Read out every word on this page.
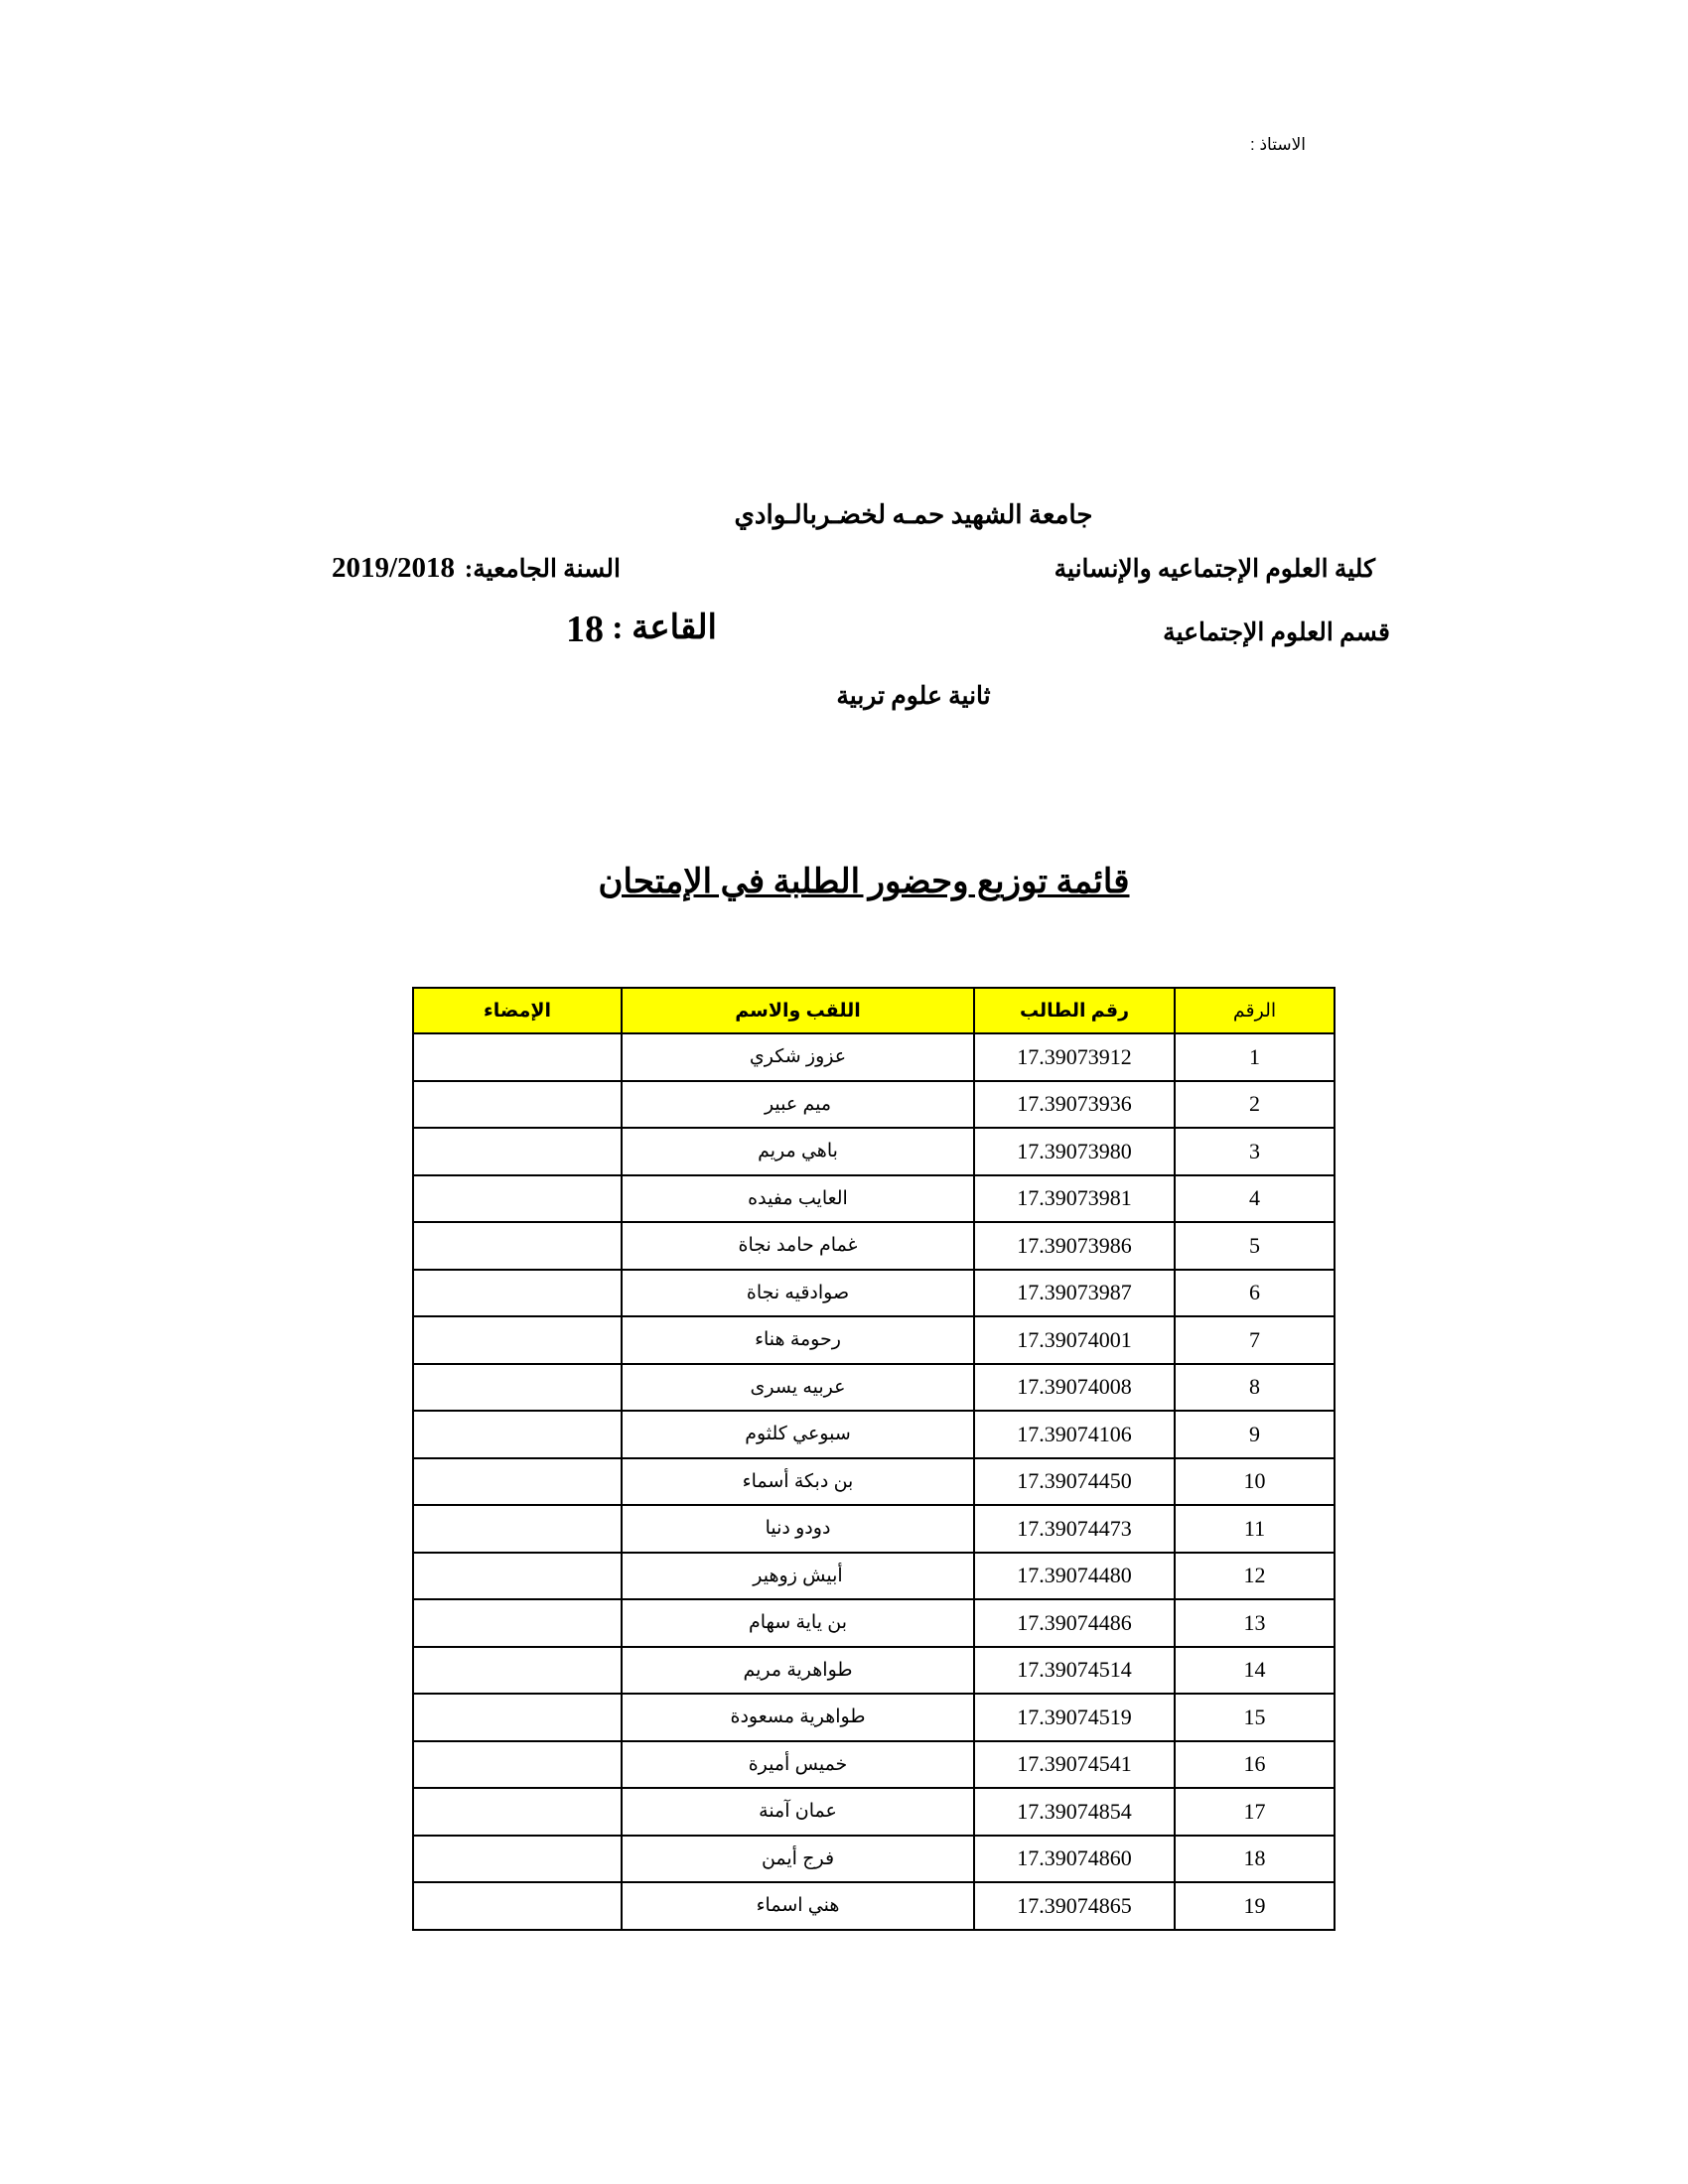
الاستاذ :
جامعة الشهيد حمـه لخضـربالـوادي
كلية العلوم الإجتماعيه والإنسانية
السنة الجامعية:
2019/2018
قسم العلوم الإجتماعية
القاعة :
18
ثانية علوم تربية
قائمة توزيع وحضور الطلبة في الإمتحان
الإمضاء	اللقب والاسم	رقم الطالب	الرقم
	عزوز شكري	17.39073912	1
	ميم عبير	17.39073936	2
	باهي مريم	17.39073980	3
	العايب مفيده	17.39073981	4
	غمام حامد نجاة	17.39073986	5
	صوادقيه نجاة	17.39073987	6
	رحومة هناء	17.39074001	7
	عربيه يسرى	17.39074008	8
	سبوعي كلثوم	17.39074106	9
	بن دبكة أسماء	17.39074450	10
	دودو دنيا	17.39074473	11
	أبيش زوهير	17.39074480	12
	بن ياية سهام	17.39074486	13
	طواهرية مريم	17.39074514	14
	طواهرية مسعودة	17.39074519	15
	خميس أميرة	17.39074541	16
	عمان آمنة	17.39074854	17
	فرج أيمن	17.39074860	18
	هني اسماء	17.39074865	19
